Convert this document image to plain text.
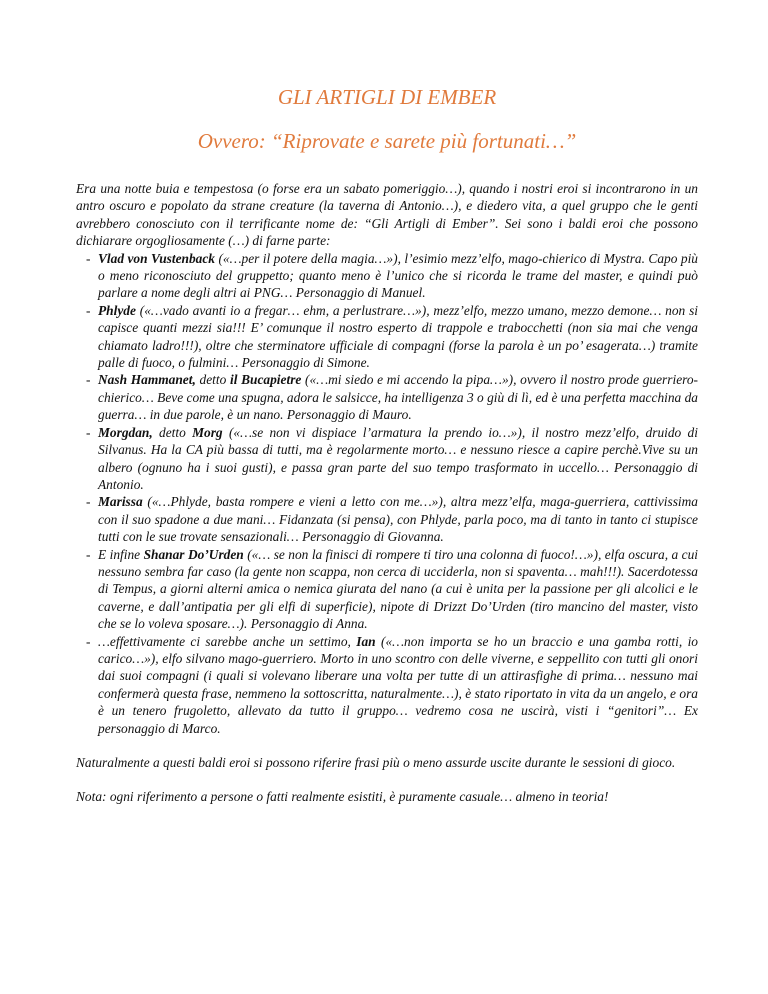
GLI ARTIGLI DI EMBER
Ovvero: “Riprovate e sarete più fortunati…”

Era una notte buia e tempestosa (o forse era un sabato pomeriggio…), quando i nostri eroi si incontrarono in un antro oscuro e popolato da strane creature (la taverna di Antonio…), e diedero vita, a quel gruppo che le genti avrebbero conosciuto con il terrificante nome de: “Gli Artigli di Ember”. Sei sono i baldi eroi che possono dichiarare orgogliosamente (…) di farne parte:

- Vlad von Vustenback («…per il potere della magia…»), l’esimio mezz’elfo, mago-chierico di Mystra. Capo più o meno riconosciuto del gruppetto; quanto meno è l’unico che si ricorda le trame del master, e quindi può parlare a nome degli altri ai PNG… Personaggio di Manuel.
- Phlyde («…vado avanti io a fregar… ehm, a perlustrare…»), mezz’elfo, mezzo umano, mezzo demone… non si capisce quanti mezzi sia!!! E’ comunque il nostro esperto di trappole e trabocchetti (non sia mai che venga chiamato ladro!!!), oltre che sterminatore ufficiale di compagni (forse la parola è un po’ esagerata…) tramite palle di fuoco, o fulmini… Personaggio di Simone.
- Nash Hammanet, detto il Bucapietre («…mi siedo e mi accendo la pipa…»), ovvero il nostro prode guerriero-chierico… Beve come una spugna, adora le salsicce, ha intelligenza 3 o giù di lì, ed è una perfetta macchina da guerra… in due parole, è un nano. Personaggio di Mauro.
- Morgdan, detto Morg («…se non vi dispiace l’armatura la prendo io…»), il nostro mezz’elfo, druido di Silvanus. Ha la CA più bassa di tutti, ma è regolarmente morto… e nessuno riesce a capire perchè.Vive su un albero (ognuno ha i suoi gusti), e passa gran parte del suo tempo trasformato in uccello… Personaggio di Antonio.
- Marissa («…Phlyde, basta rompere e vieni a letto con me…»), altra mezz’elfa, maga-guerriera, cattivissima con il suo spadone a due mani… Fidanzata (si pensa), con Phlyde, parla poco, ma di tanto in tanto ci stupisce tutti con le sue trovate sensazionali… Personaggio di Giovanna.
- E infine Shanar Do’Urden («… se non la finisci di rompere ti tiro una colonna di fuoco!…»), elfa oscura, a cui nessuno sembra far caso (la gente non scappa, non cerca di ucciderla, non si spaventa… mah!!!). Sacerdotessa di Tempus, a giorni alterni amica o nemica giurata del nano (a cui è unita per la passione per gli alcolici e le caverne, e dall’antipatia per gli elfi di superficie), nipote di Drizzt Do’Urden (tiro mancino del master, visto che se lo voleva sposare…). Personaggio di Anna.
- …effettivamente ci sarebbe anche un settimo, Ian («…non importa se ho un braccio e una gamba rotti, io carico…»), elfo silvano mago-guerriero. Morto in uno scontro con delle viverne, e seppellito con tutti gli onori dai suoi compagni (i quali si volevano liberare una volta per tutte di un attirasfighe di prima… nessuno mai confermerà questa frase, nemmeno la sottoscritta, naturalmente…), è stato riportato in vita da un angelo, e ora è un tenero frugoletto, allevato da tutto il gruppo… vedremo cosa ne uscirà, visti i “genitori”… Ex personaggio di Marco.

Naturalmente a questi baldi eroi si possono riferire frasi più o meno assurde uscite durante le sessioni di gioco.

Nota: ogni riferimento a persone o fatti realmente esistiti, è puramente casuale… almeno in teoria!
